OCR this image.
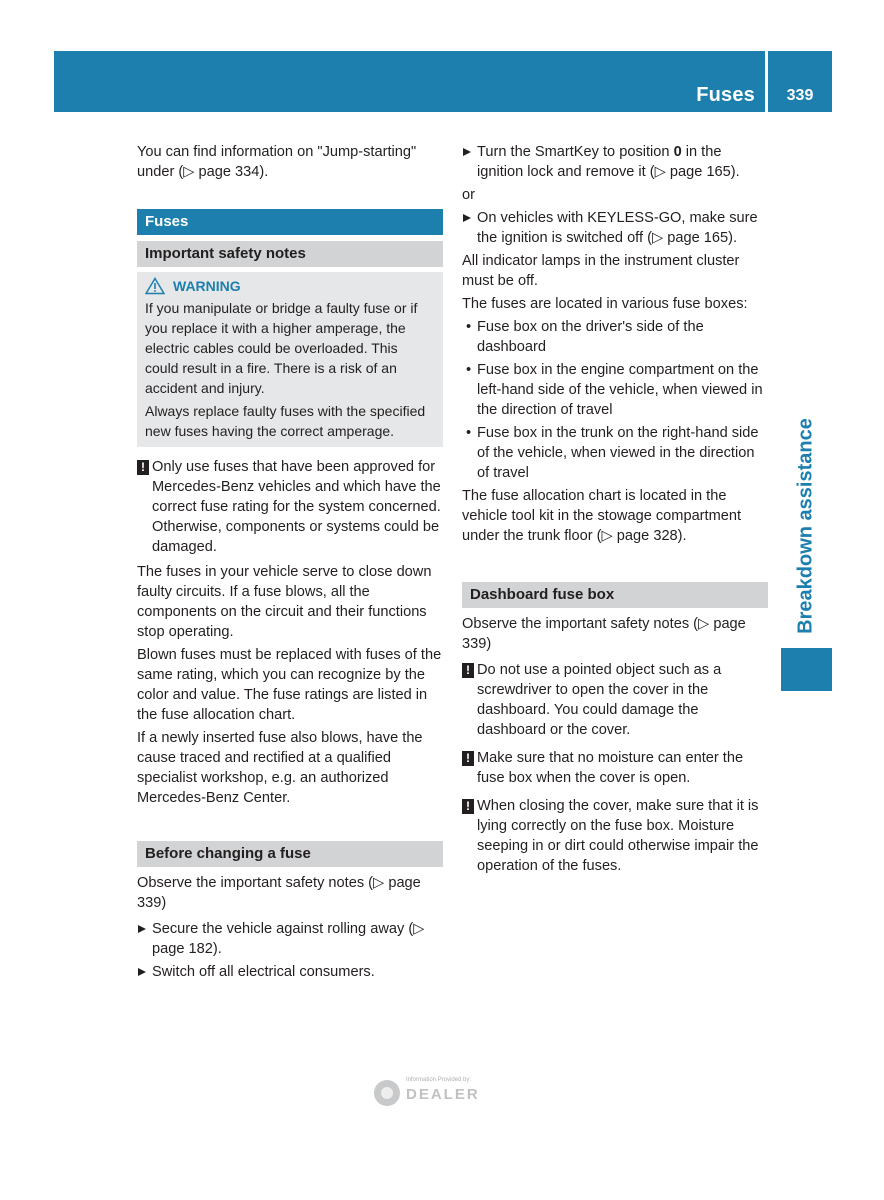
Fuses	339
Breakdown assistance

You can find information on "Jump-starting" under (▷ page 334).

Fuses
Important safety notes
WARNING

If you manipulate or bridge a faulty fuse or if you replace it with a higher amperage, the electric cables could be overloaded. This could result in a fire. There is a risk of an accident and injury.

Always replace faulty fuses with the specified new fuses having the correct amperage.

! Only use fuses that have been approved for Mercedes-Benz vehicles and which have the correct fuse rating for the system concerned. Otherwise, components or systems could be damaged.

The fuses in your vehicle serve to close down faulty circuits. If a fuse blows, all the components on the circuit and their functions stop operating.

Blown fuses must be replaced with fuses of the same rating, which you can recognize by the color and value. The fuse ratings are listed in the fuse allocation chart.

If a newly inserted fuse also blows, have the cause traced and rectified at a qualified specialist workshop, e.g. an authorized Mercedes-Benz Center.

Before changing a fuse

Observe the important safety notes (▷ page 339)

Secure the vehicle against rolling away (▷ page 182).
Switch off all electrical consumers.
Turn the SmartKey to position 0 in the ignition lock and remove it (▷ page 165).

or

On vehicles with KEYLESS-GO, make sure the ignition is switched off (▷ page 165).

All indicator lamps in the instrument cluster must be off.

The fuses are located in various fuse boxes:

• Fuse box on the driver's side of the dashboard
• Fuse box in the engine compartment on the left-hand side of the vehicle, when viewed in the direction of travel
• Fuse box in the trunk on the right-hand side of the vehicle, when viewed in the direction of travel

The fuse allocation chart is located in the vehicle tool kit in the stowage compartment under the trunk floor (▷ page 328).

Dashboard fuse box

Observe the important safety notes (▷ page 339)

! Do not use a pointed object such as a screwdriver to open the cover in the dashboard. You could damage the dashboard or the cover.
! Make sure that no moisture can enter the fuse box when the cover is open.
! When closing the cover, make sure that it is lying correctly on the fuse box. Moisture seeping in or dirt could otherwise impair the operation of the fuses.
Information Provided by:
DEALER
